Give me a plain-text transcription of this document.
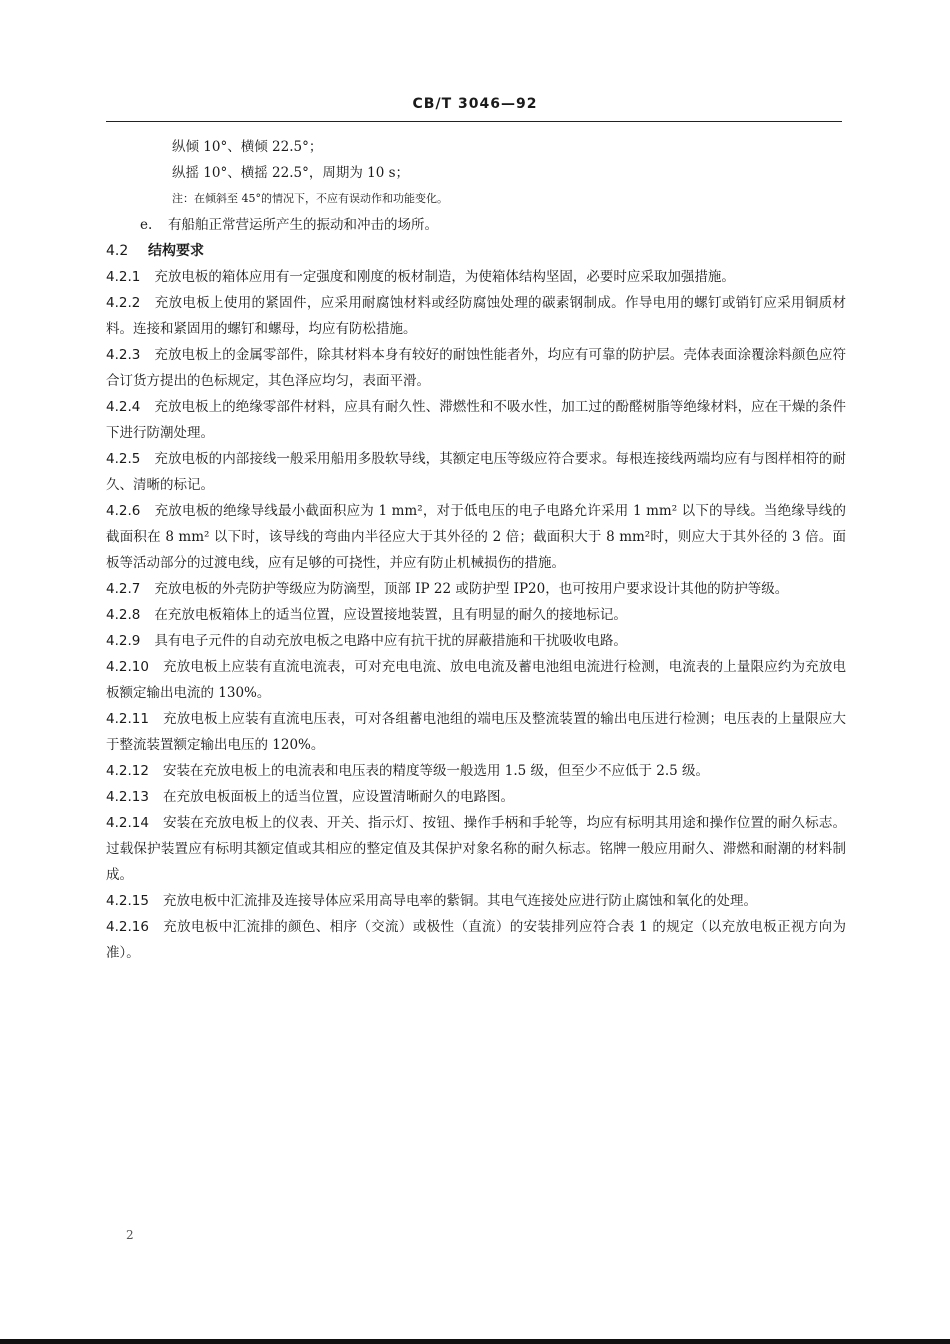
CB/T 3046—92

纵倾 10°、横倾 22.5°；

纵摇 10°、横摇 22.5°，周期为 10 s；

注：在倾斜至 45°的情况下，不应有误动作和功能变化。

e. 有船舶正常营运所产生的振动和冲击的场所。

4.2 结构要求

4.2.1 充放电板的箱体应用有一定强度和刚度的板材制造，为使箱体结构坚固，必要时应采取加强措施。

4.2.2 充放电板上使用的紧固件，应采用耐腐蚀材料或经防腐蚀处理的碳素钢制成。作导电用的螺钉或销钉应采用铜质材料。连接和紧固用的螺钉和螺母，均应有防松措施。

4.2.3 充放电板上的金属零部件，除其材料本身有较好的耐蚀性能者外，均应有可靠的防护层。壳体表面涂覆涂料颜色应符合订货方提出的色标规定，其色泽应均匀，表面平滑。

4.2.4 充放电板上的绝缘零部件材料，应具有耐久性、滞燃性和不吸水性，加工过的酚醛树脂等绝缘材料，应在干燥的条件下进行防潮处理。

4.2.5 充放电板的内部接线一般采用船用多股软导线，其额定电压等级应符合要求。每根连接线两端均应有与图样相符的耐久、清晰的标记。

4.2.6 充放电板的绝缘导线最小截面积应为 1 mm²，对于低电压的电子电路允许采用 1 mm² 以下的导线。当绝缘导线的截面积在 8 mm² 以下时，该导线的弯曲内半径应大于其外径的 2 倍；截面积大于 8 mm²时，则应大于其外径的 3 倍。面板等活动部分的过渡电线，应有足够的可挠性，并应有防止机械损伤的措施。

4.2.7 充放电板的外壳防护等级应为防滴型，顶部 IP 22 或防护型 IP20，也可按用户要求设计其他的防护等级。

4.2.8 在充放电板箱体上的适当位置，应设置接地装置，且有明显的耐久的接地标记。

4.2.9 具有电子元件的自动充放电板之电路中应有抗干扰的屏蔽措施和干扰吸收电路。

4.2.10 充放电板上应装有直流电流表，可对充电电流、放电电流及蓄电池组电流进行检测，电流表的上量限应约为充放电板额定输出电流的 130%。

4.2.11 充放电板上应装有直流电压表，可对各组蓄电池组的端电压及整流装置的输出电压进行检测；电压表的上量限应大于整流装置额定输出电压的 120%。

4.2.12 安装在充放电板上的电流表和电压表的精度等级一般选用 1.5 级，但至少不应低于 2.5 级。

4.2.13 在充放电板面板上的适当位置，应设置清晰耐久的电路图。

4.2.14 安装在充放电板上的仪表、开关、指示灯、按钮、操作手柄和手轮等，均应有标明其用途和操作位置的耐久标志。过载保护装置应有标明其额定值或其相应的整定值及其保护对象名称的耐久标志。铭牌一般应用耐久、滞燃和耐潮的材料制成。

4.2.15 充放电板中汇流排及连接导体应采用高导电率的紫铜。其电气连接处应进行防止腐蚀和氧化的处理。

4.2.16 充放电板中汇流排的颜色、相序（交流）或极性（直流）的安装排列应符合表 1 的规定（以充放电板正视方向为准）。

2
